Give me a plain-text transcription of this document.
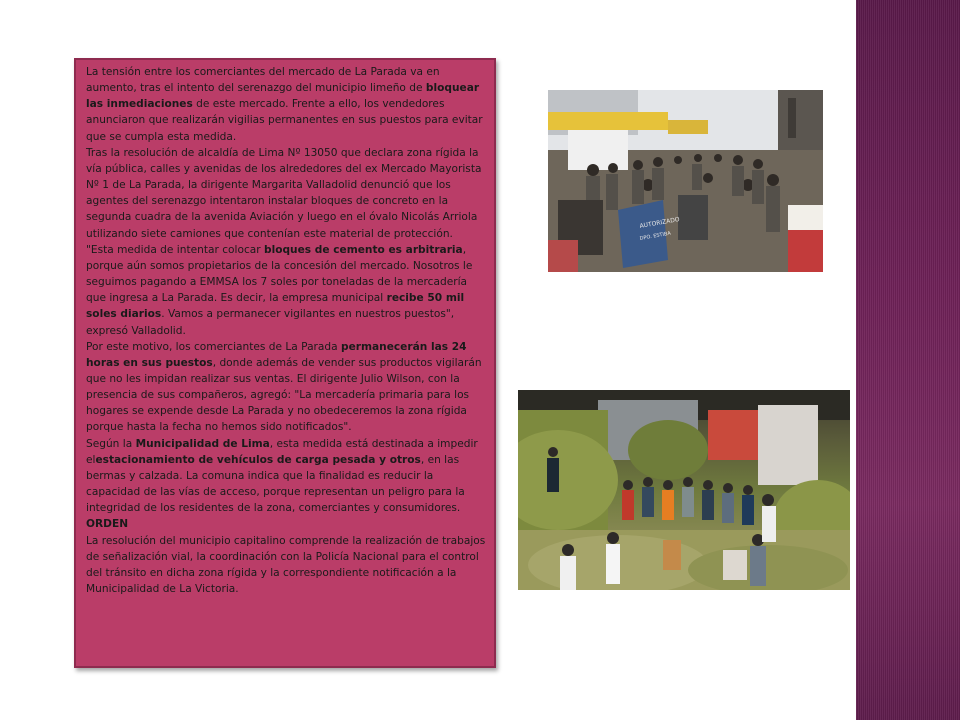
La tensión entre los comerciantes del mercado de La Parada va en aumento, tras el intento del serenazgo del municipio limeño de bloquear las inmediaciones de este mercado. Frente a ello, los vendedores anunciaron que realizarán vigilias permanentes en sus puestos para evitar que se cumpla esta medida.

Tras la resolución de alcaldía de Lima Nº 13050 que declara zona rígida la vía pública, calles y avenidas de los alrededores del ex Mercado Mayorista Nº 1 de La Parada, la dirigente Margarita Valladolid denunció que los agentes del serenazgo intentaron instalar bloques de concreto en la segunda cuadra de la avenida Aviación y luego en el óvalo Nicolás Arriola utilizando siete camiones que contenían este material de protección.

"Esta medida de intentar colocar bloques de cemento es arbitraria, porque aún somos propietarios de la concesión del mercado. Nosotros le seguimos pagando a EMMSA los 7 soles por toneladas de la mercadería que ingresa a La Parada. Es decir, la empresa municipal recibe 50 mil soles diarios. Vamos a permanecer vigilantes en nuestros puestos", expresó Valladolid.

Por este motivo, los comerciantes de La Parada permanecerán las 24 horas en sus puestos, donde además de vender sus productos vigilarán que no les impidan realizar sus ventas. El dirigente Julio Wilson, con la presencia de sus compañeros, agregó: "La mercadería primaria para los hogares se expende desde La Parada y no obedeceremos la zona rígida porque hasta la fecha no hemos sido notificados".

Según la Municipalidad de Lima, esta medida está destinada a impedir elestacionamiento de vehículos de carga pesada y otros, en las bermas y calzada. La comuna indica que la finalidad es reducir la capacidad de las vías de acceso, porque representan un peligro para la integridad de los residentes de la zona, comerciantes y consumidores.

ORDEN

La resolución del municipio capitalino comprende la realización de trabajos de señalización vial, la coordinación con la Policía Nacional para el control del tránsito en dicha zona rígida y la correspondiente notificación a la Municipalidad de La Victoria.

AUTORIZADO
DPO. ESTIBA
